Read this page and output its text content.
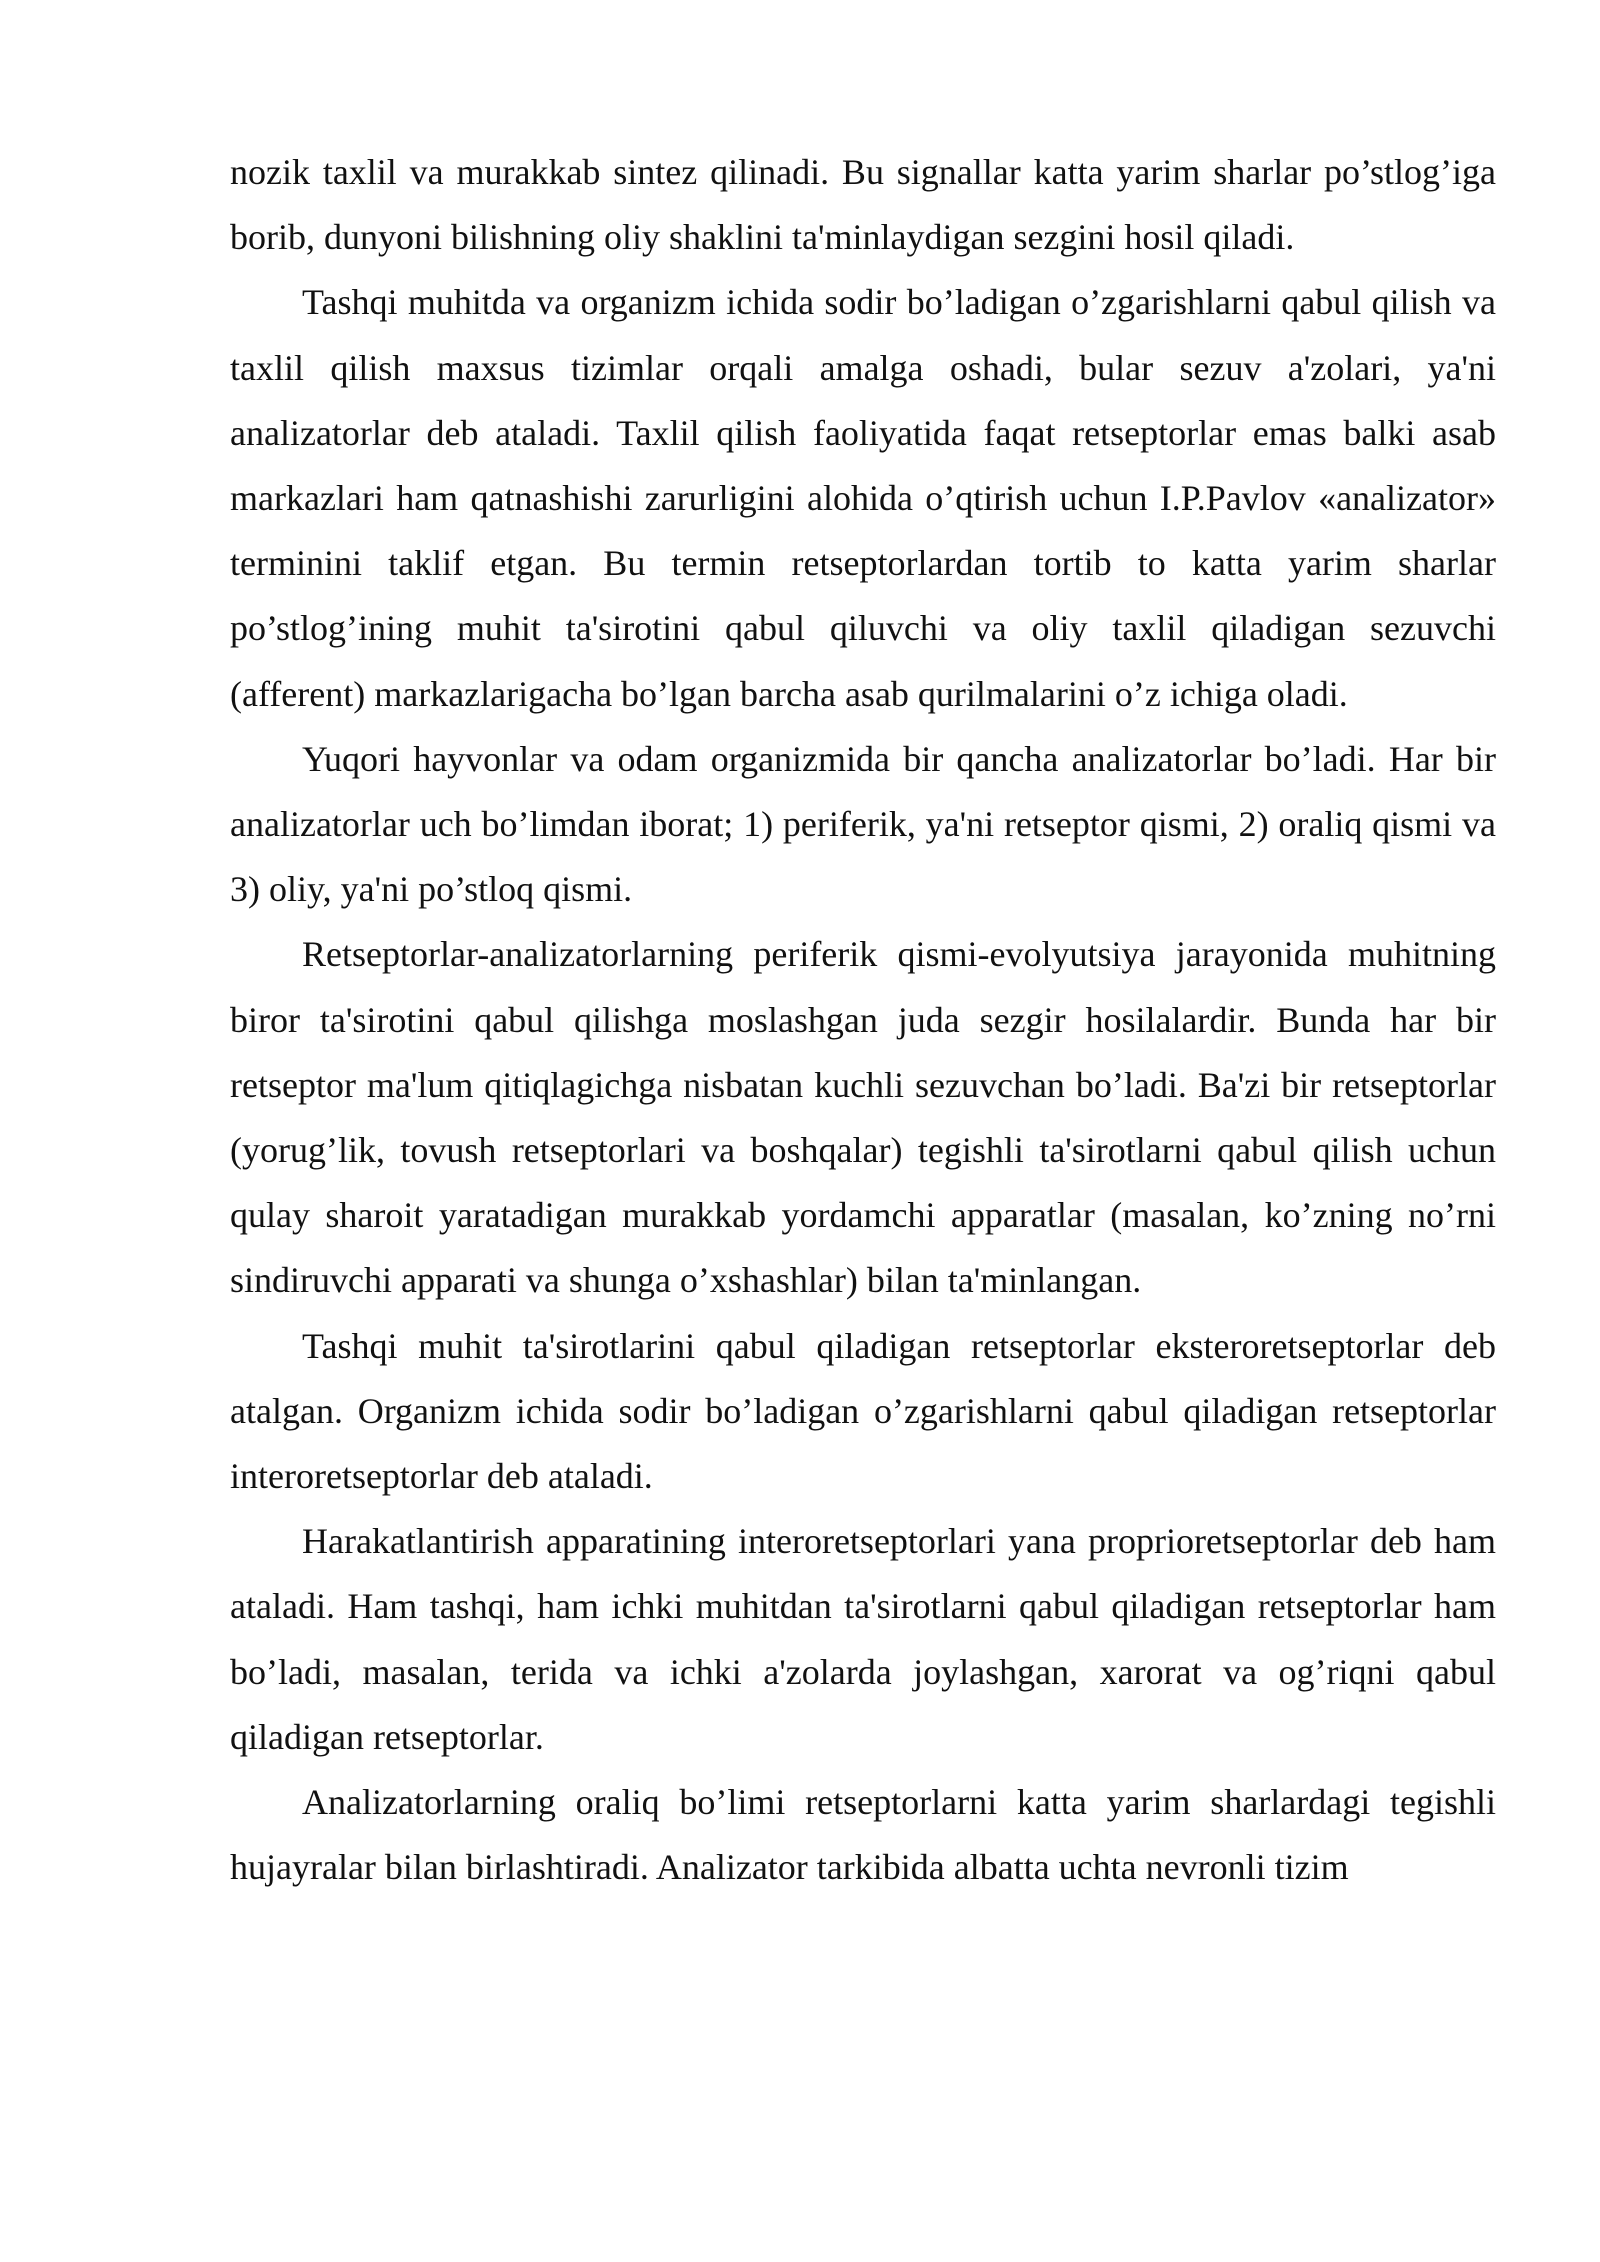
nozik taxlil va murakkab sintez qilinadi. Bu signallar katta yarim sharlar po’stlog’iga borib, dunyoni bilishning oliy shaklini ta'minlaydigan sezgini hosil qiladi.

Tashqi muhitda va organizm ichida sodir bo’ladigan o’zgarishlarni qabul qilish va taxlil qilish maxsus tizimlar orqali amalga oshadi, bular sezuv a'zolari, ya'ni analizatorlar deb ataladi. Taxlil qilish faoliyatida faqat retseptorlar emas balki asab markazlari ham qatnashishi zarurligini alohida o’qtirish uchun I.P.Pavlov «analizator» terminini taklif etgan. Bu termin retseptorlardan tortib to katta yarim sharlar po’stlog’ining muhit ta'sirotini qabul qiluvchi va oliy taxlil qiladigan sezuvchi (afferent) markazlarigacha bo’lgan barcha asab qurilmalarini o’z ichiga oladi.

Yuqori hayvonlar va odam organizmida bir qancha analizatorlar bo’ladi. Har bir analizatorlar uch bo’limdan iborat; 1) periferik, ya'ni retseptor qismi, 2) oraliq qismi va 3) oliy, ya'ni po’stloq qismi.

Retseptorlar-analizatorlarning periferik qismi-evolyutsiya jarayonida muhitning biror ta'sirotini qabul qilishga moslashgan juda sezgir hosilalardir. Bunda har bir retseptor ma'lum qitiqlagichga nisbatan kuchli sezuvchan bo’ladi. Ba'zi bir retseptorlar (yorug’lik, tovush retseptorlari va boshqalar) tegishli ta'sirotlarni qabul qilish uchun qulay sharoit yaratadigan murakkab yordamchi apparatlar (masalan, ko’zning no’rni sindiruvchi apparati va shunga o’xshashlar) bilan ta'minlangan.

Tashqi muhit ta'sirotlarini qabul qiladigan retseptorlar eksteroretseptorlar deb atalgan. Organizm ichida sodir bo’ladigan o’zgarishlarni qabul qiladigan retseptorlar interoretseptorlar deb ataladi.

Harakatlantirish apparatining interoretseptorlari yana proprioretseptorlar deb ham ataladi. Ham tashqi, ham ichki muhitdan ta'sirotlarni qabul qiladigan retseptorlar ham bo’ladi, masalan, terida va ichki a'zolarda joylashgan, xarorat va og’riqni qabul qiladigan retseptorlar.

Analizatorlarning oraliq bo’limi retseptorlarni katta yarim sharlardagi tegishli hujayralar bilan birlashtiradi. Analizator tarkibida albatta uchta nevronli tizim
